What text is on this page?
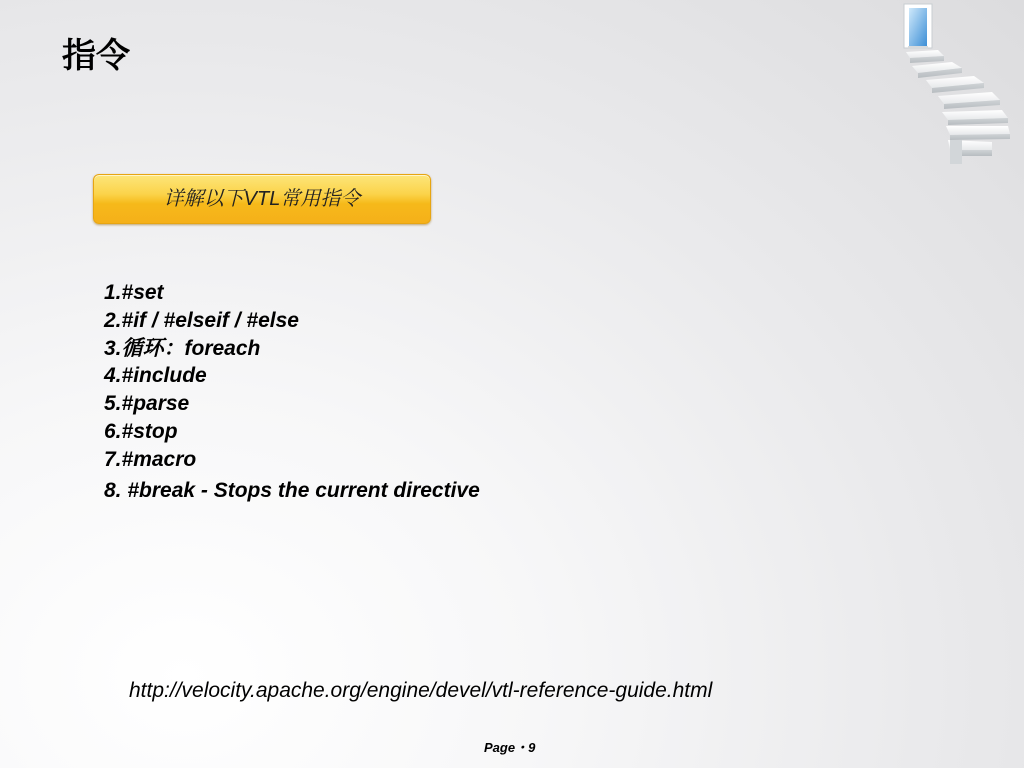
指令
详解以下VTL常用指令
1.#set
2.#if / #elseif / #else
3.循环：foreach
4.#include
5.#parse
6.#stop
7.#macro
8. #break - Stops the current directive
http://velocity.apache.org/engine/devel/vtl-reference-guide.html
Page・9
